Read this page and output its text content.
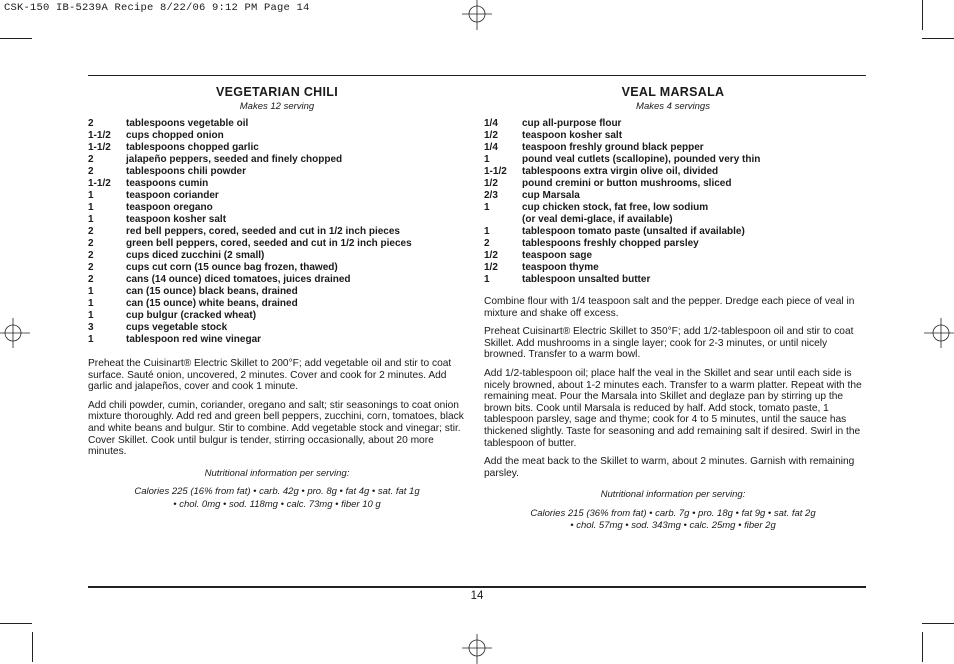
CSK-150 IB-5239A Recipe 8/22/06 9:12 PM Page 14
VEGETARIAN CHILI
Makes 12 serving
2	tablespoons vegetable oil
1-1/2	cups chopped onion
1-1/2	tablespoons chopped garlic
2	jalapeño peppers, seeded and finely chopped
2	tablespoons chili powder
1-1/2	teaspoons cumin
1	teaspoon coriander
1	teaspoon oregano
1	teaspoon kosher salt
2	red bell peppers, cored, seeded and cut in 1/2 inch pieces
2	green bell peppers, cored, seeded and cut in 1/2 inch pieces
2	cups diced zucchini (2 small)
2	cups cut corn (15 ounce bag frozen, thawed)
2	cans (14 ounce) diced tomatoes, juices drained
1	can (15 ounce) black beans, drained
1	can (15 ounce) white beans, drained
1	cup bulgur (cracked wheat)
3	cups vegetable stock
1	tablespoon red wine vinegar

Preheat the Cuisinart® Electric Skillet to 200°F; add vegetable oil and stir to coat surface. Sauté onion, uncovered, 2 minutes. Cover and cook for 2 minutes. Add garlic and jalapeños, cover and cook 1 minute.

Add chili powder, cumin, coriander, oregano and salt; stir seasonings to coat onion mixture thoroughly. Add red and green bell peppers, zucchini, corn, tomatoes, black and white beans and bulgur. Stir to combine. Add vegetable stock and vinegar; stir. Cover Skillet. Cook until bulgur is tender, stirring occasionally, about 20 more minutes.

Nutritional information per serving:
Calories 225 (16% from fat) • carb. 42g • pro. 8g • fat 4g • sat. fat 1g
• chol. 0mg • sod. 118mg • calc. 73mg • fiber 10 g
VEAL MARSALA
Makes 4 servings
1/4	cup all-purpose flour
1/2	teaspoon kosher salt
1/4	teaspoon freshly ground black pepper
1	pound veal cutlets (scallopine), pounded very thin
1-1/2	tablespoons extra virgin olive oil, divided
1/2	pound cremini or button mushrooms, sliced
2/3	cup Marsala
1	cup chicken stock, fat free, low sodium
(or veal demi-glace, if available)
1	tablespoon tomato paste (unsalted if available)
2	tablespoons freshly chopped parsley
1/2	teaspoon sage
1/2	teaspoon thyme
1	tablespoon unsalted butter

Combine flour with 1/4 teaspoon salt and the pepper. Dredge each piece of veal in mixture and shake off excess.

Preheat Cuisinart® Electric Skillet to 350°F; add 1/2-tablespoon oil and stir to coat Skillet. Add mushrooms in a single layer; cook for 2-3 minutes, or until nicely browned. Transfer to a warm bowl.

Add 1/2-tablespoon oil; place half the veal in the Skillet and sear until each side is nicely browned, about 1-2 minutes each. Transfer to a warm platter. Repeat with the remaining meat. Pour the Marsala into Skillet and deglaze pan by stirring up the brown bits. Cook until Marsala is reduced by half. Add stock, tomato paste, 1 tablespoon parsley, sage and thyme; cook for 4 to 5 minutes, until the sauce has thickened slightly. Taste for seasoning and add remaining salt if desired. Swirl in the tablespoon of butter.

Add the meat back to the Skillet to warm, about 2 minutes. Garnish with remaining parsley.

Nutritional information per serving:
Calories 215 (36% from fat) • carb. 7g • pro. 18g • fat 9g • sat. fat 2g
• chol. 57mg • sod. 343mg • calc. 25mg • fiber 2g
14
